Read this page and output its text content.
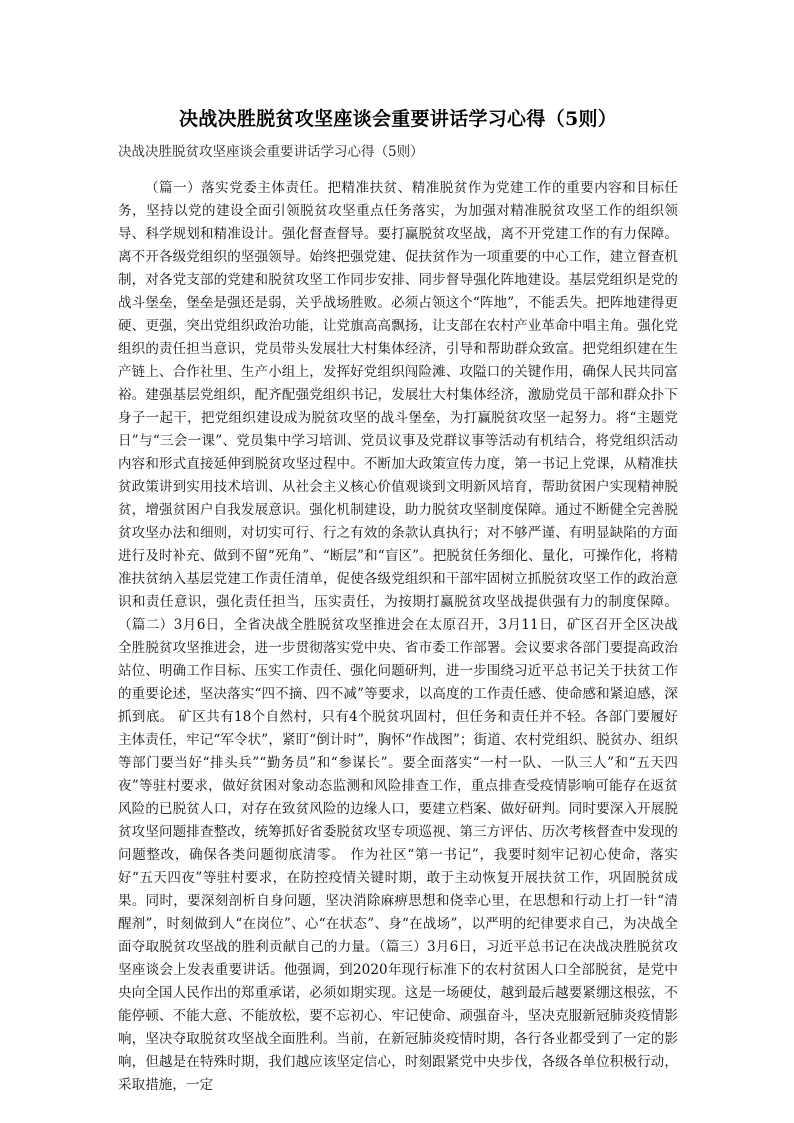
决战决胜脱贫攻坚座谈会重要讲话学习心得（5则）
决战决胜脱贫攻坚座谈会重要讲话学习心得（5则）

（篇一）落实党委主体责任。把精准扶贫、精准脱贫作为党建工作的重要内容和目标任务，坚持以党的建设全面引领脱贫攻坚重点任务落实，为加强对精准脱贫攻坚工作的组织领导、科学规划和精准设计。强化督查督导。要打赢脱贫攻坚战，离不开党建工作的有力保障。离不开各级党组织的坚强领导。始终把强党建、促扶贫作为一项重要的中心工作，建立督查机制，对各党支部的党建和脱贫攻坚工作同步安排、同步督导强化阵地建设。基层党组织是党的战斗堡垒，堡垒是强还是弱，关乎战场胜败。必须占领这个“阵地”，不能丢失。把阵地建得更硬、更强，突出党组织政治功能，让党旗高高飘扬，让支部在农村产业革命中唱主角。强化党组织的责任担当意识，党员带头发展壮大村集体经济，引导和帮助群众致富。把党组织建在生产链上、合作社里、生产小组上，发挥好党组织闯险滩、攻隘口的关键作用，确保人民共同富裕。建强基层党组织，配齐配强党组织书记，发展壮大村集体经济，激励党员干部和群众扑下身子一起干，把党组织建设成为脱贫攻坚的战斗堡垒，为打赢脱贫攻坚一起努力。将“主题党日”与“三会一课”、党员集中学习培训、党员议事及党群议事等活动有机结合，将党组织活动内容和形式直接延伸到脱贫攻坚过程中。不断加大政策宣传力度，第一书记上党课，从精准扶贫政策讲到实用技术培训、从社会主义核心价值观谈到文明新风培育，帮助贫困户实现精神脱贫，增强贫困户自我发展意识。强化机制建设，助力脱贫攻坚制度保障。通过不断健全完善脱贫攻坚办法和细则，对切实可行、行之有效的条款认真执行；对不够严谨、有明显缺陷的方面进行及时补充、做到不留“死角”、“断层”和“盲区”。把脱贫任务细化、量化，可操作化，将精准扶贫纳入基层党建工作责任清单，促使各级党组织和干部牢固树立抓脱贫攻坚工作的政治意识和责任意识，强化责任担当，压实责任，为按期打赢脱贫攻坚战提供强有力的制度保障。（篇二）3月6日，全省决战全胜脱贫攻坚推进会在太原召开，3月11日，矿区召开全区决战全胜脱贫攻坚推进会，进一步贯彻落实党中央、省市委工作部署。会议要求各部门要提高政治站位、明确工作目标、压实工作责任、强化问题研判，进一步围绕习近平总书记关于扶贫工作的重要论述，坚决落实“四不摘、四不减”等要求，以高度的工作责任感、使命感和紧迫感，深抓到底。 矿区共有18个自然村，只有4个脱贫巩固村，但任务和责任并不轻。各部门要履好主体责任，牢记“军令状”，紧盯“倒计时”，胸怀“作战图”；街道、农村党组织、脱贫办、组织等部门要当好“排头兵”“勤务员”和“参谋长”。要全面落实“一村一队、一队三人”和“五天四夜”等驻村要求，做好贫困对象动态监测和风险排查工作，重点排查受疫情影响可能存在返贫风险的已脱贫人口，对存在致贫风险的边缘人口，要建立档案、做好研判。同时要深入开展脱贫攻坚问题排查整改，统筹抓好省委脱贫攻坚专项巡视、第三方评估、历次考核督查中发现的问题整改，确保各类问题彻底清零。 作为社区“第一书记”，我要时刻牢记初心使命，落实好“五天四夜”等驻村要求，在防控疫情关键时期，敢于主动恢复开展扶贫工作，巩固脱贫成果。同时，要深刻剖析自身问题，坚决消除麻痹思想和侥幸心里，在思想和行动上打一针“清醒剂”，时刻做到人“在岗位”、心“在状态”、身“在战场”，以严明的纪律要求自己，为决战全面夺取脱贫攻坚战的胜利贡献自己的力量。（篇三）3月6日，习近平总书记在决战决胜脱贫攻坚座谈会上发表重要讲话。他强调，到2020年现行标准下的农村贫困人口全部脱贫，是党中央向全国人民作出的郑重承诺，必须如期实现。这是一场硬仗，越到最后越要紧绷这根弦，不能停顿、不能大意、不能放松，要不忘初心、牢记使命、顽强奋斗，坚决克服新冠肺炎疫情影响，坚决夺取脱贫攻坚战全面胜利。当前，在新冠肺炎疫情时期，各行各业都受到了一定的影响，但越是在特殊时期，我们越应该坚定信心，时刻跟紧党中央步伐，各级各单位积极行动，采取措施，一定
